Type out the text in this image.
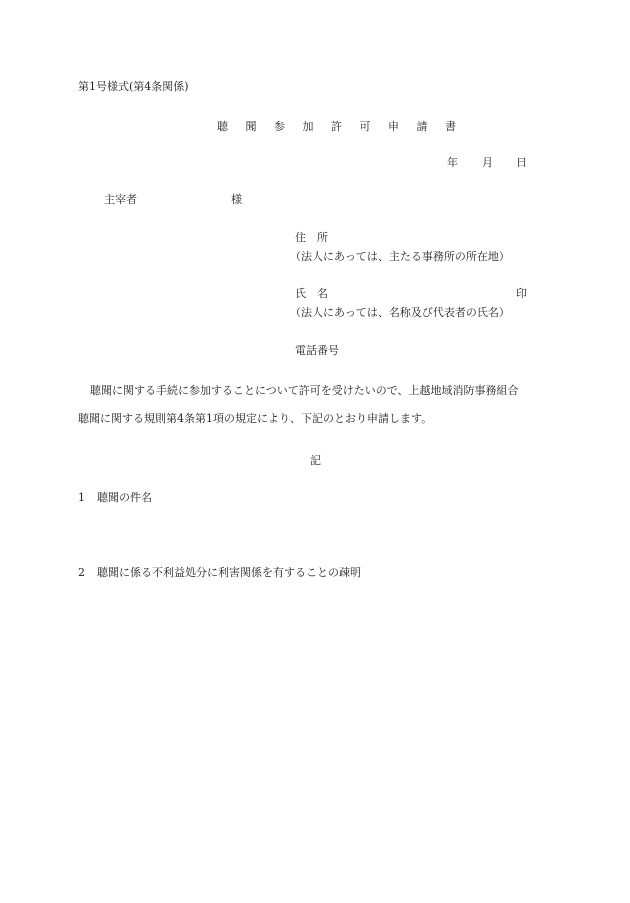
第1号様式(第4条関係)
聴 聞 参 加 許 可 申 請 書
年 月 日
主宰者	様
住　所
（法人にあっては、主たる事務所の所在地）
氏　名	印
（法人にあっては、名称及び代表者の氏名）
電話番号
聴聞に関する手続に参加することについて許可を受けたいので、上越地域消防事務組合
聴聞に関する規則第4条第1項の規定により、下記のとおり申請します。
記
1 聴聞の件名
2 聴聞に係る不利益処分に利害関係を有することの疎明
